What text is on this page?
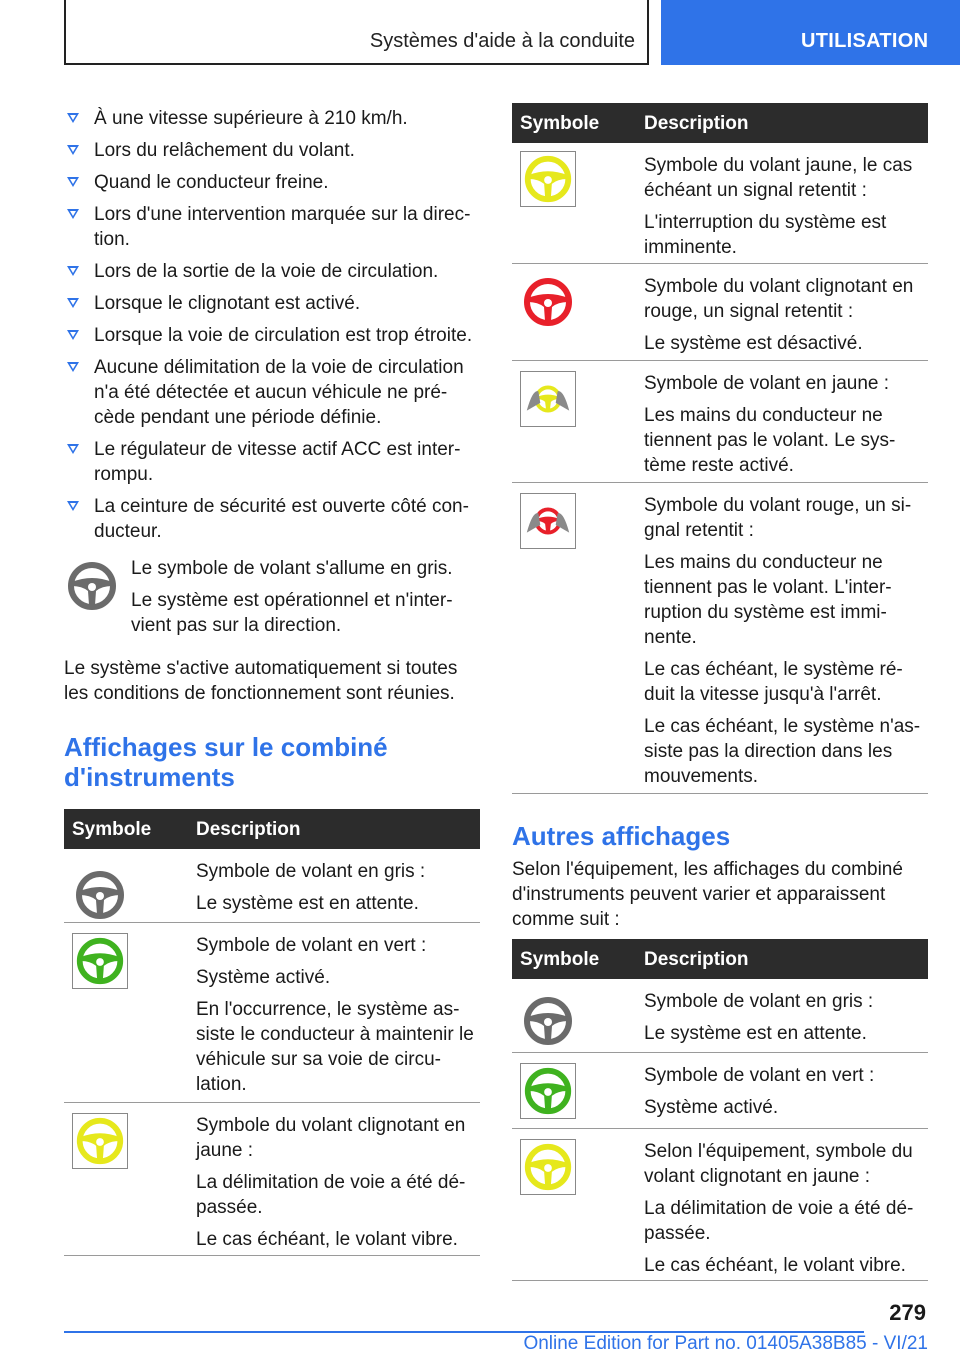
Systèmes d'aide à la conduite	UTILISATION
À une vitesse supérieure à 210 km/h.
Lors du relâchement du volant.
Quand le conducteur freine.
Lors d'une intervention marquée sur la direc‐tion.
Lors de la sortie de la voie de circulation.
Lorsque le clignotant est activé.
Lorsque la voie de circulation est trop étroite.
Aucune délimitation de la voie de circulation n'a été détectée et aucun véhicule ne pré‐cède pendant une période définie.
Le régulateur de vitesse actif ACC est inter‐rompu.
La ceinture de sécurité est ouverte côté con‐ducteur.

Le symbole de volant s'allume en gris.

Le système est opérationnel et n'inter‐vient pas sur la direction.

Le système s'active automatiquement si toutes les conditions de fonctionnement sont réunies.
Affichages sur le combiné
d'instruments
Symbole Description

Symbole de volant en gris :

Le système est en attente.

Symbole de volant en vert :

Système activé.

En l'occurrence, le système as‐siste le conducteur à maintenir le véhicule sur sa voie de circu‐lation.

Symbole du volant clignotant en jaune :

La délimitation de voie a été dé‐passée.

Le cas échéant, le volant vibre.

Symbole Description

Symbole du volant jaune, le cas échéant un signal retentit :

L'interruption du système est imminente.

Symbole du volant clignotant en rouge, un signal retentit :

Le système est désactivé.

Symbole de volant en jaune :

Les mains du conducteur ne tiennent pas le volant. Le sys‐tème reste activé.

Symbole du volant rouge, un si‐gnal retentit :

Les mains du conducteur ne tiennent pas le volant. L'inter‐ruption du système est immi‐nente.

Le cas échéant, le système ré‐duit la vitesse jusqu'à l'arrêt.

Le cas échéant, le système n'as‐siste pas la direction dans les mouvements.

Autres affichages
Selon l'équipement, les affichages du combiné d'instruments peuvent varier et apparaissent comme suit :
Symbole Description

Symbole de volant en gris :

Le système est en attente.

Symbole de volant en vert :

Système activé.

Selon l'équipement, symbole du volant clignotant en jaune :

La délimitation de voie a été dé‐passée.

Le cas échéant, le volant vibre.

279
Online Edition for Part no. 01405A38B85 - VI/21
